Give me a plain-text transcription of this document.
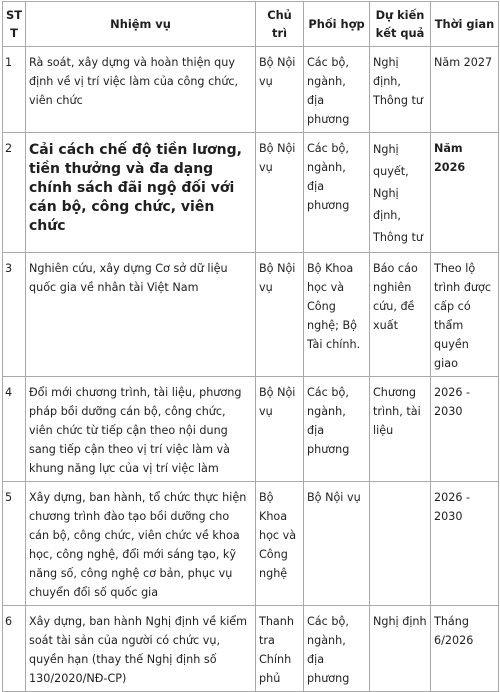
STT	Nhiệm vụ	Chủ trì	Phối hợp	Dự kiến kết quả	Thời gian
1	Rà soát, xây dựng và hoàn thiện quy định về vị trí việc làm của công chức, viên chức	Bộ Nội vụ	Các bộ, ngành, địa phương	Nghị định, Thông tư	Năm 2027
2	Cải cách chế độ tiền lương, tiền thưởng và đa dạng chính sách đãi ngộ đối với cán bộ, công chức, viên chức	Bộ Nội vụ	Các bộ, ngành, địa phương	Nghị quyết, Nghị định, Thông tư	Năm 2026
3	Nghiên cứu, xây dựng Cơ sở dữ liệu quốc gia về nhân tài Việt Nam	Bộ Nội vụ	Bộ Khoa học và Công nghệ; Bộ Tài chính.	Báo cáo nghiên cứu, đề xuất	Theo lộ trình được cấp có thẩm quyền giao
4	Đổi mới chương trình, tài liệu, phương pháp bồi dưỡng cán bộ, công chức, viên chức từ tiếp cận theo nội dung sang tiếp cận theo vị trí việc làm và khung năng lực của vị trí việc làm	Bộ Nội vụ	Các bộ, ngành, địa phương	Chương trình, tài liệu	2026 - 2030
5	Xây dựng, ban hành, tổ chức thực hiện chương trình đào tạo bồi dưỡng cho cán bộ, công chức, viên chức về khoa học, công nghệ, đổi mới sáng tạo, kỹ năng số, công nghệ cơ bản, phục vụ chuyển đổi số quốc gia	Bộ Khoa học và Công nghệ	Bộ Nội vụ		2026 - 2030
6	Xây dựng, ban hành Nghị định về kiểm soát tài sản của người có chức vụ, quyền hạn (thay thế Nghị định số 130/2020/NĐ-CP)	Thanh tra Chính phủ	Các bộ, ngành, địa phương	Nghị định	Tháng 6/2026
